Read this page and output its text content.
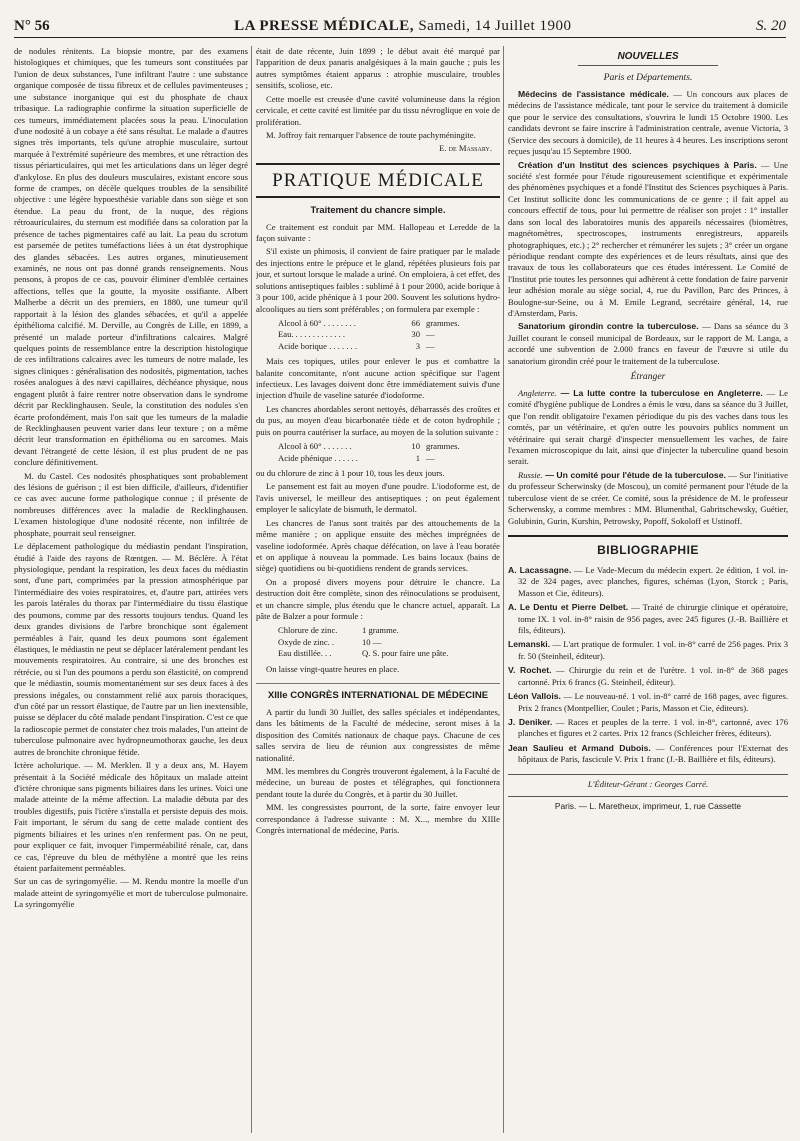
N° 56	LA PRESSE MÉDICALE, Samedi, 14 Juillet 1900	S. 20

de nodules rénitents. La biopsie montre, par des examens histologiques et chimiques, que les tumeurs sont constituées par l'union de deux substances, l'une infiltrant l'autre : une substance organique composée de tissu fibreux et de cellules pavimenteuses ; une substance inorganique qui est du phosphate de chaux tribasique. La radiographie confirme la situation superficielle de ces tumeurs, immédiatement placées sous la peau. L'inoculation d'une nodosité à un cobaye a été sans résultat. Le malade a d'autres signes très importants, tels qu'une atrophie musculaire, surtout marquée à l'extrémité supérieure des membres, et une rétraction des tissus périarticulaires, qui met les articulations dans un léger degré d'ankylose. En plus des douleurs musculaires, existant encore sous forme de crampes, on décèle quelques troubles de la sensibilité objective : une légère hypoesthésie variable dans son siège et son étendue. La peau du front, de la nuque, des régions rétroauriculaires, du sternum est modifiée dans sa coloration par la présence de taches pigmentaires café au lait. La peau du scrotum est parsemée de petites tuméfactions liées à un état dystrophique des glandes sébacées. Les autres organes, minutieusement examinés, ne nous ont pas donné grands renseignements. Nous pensons, à propos de ce cas, pouvoir éliminer d'emblée certaines affections, telles que la goutte, la myosite ossifiante. Albert Malherbe a décrit un des premiers, en 1880, une tumeur qu'il rapportait à la lésion des glandes sébacées, et qu'il a appelée épithélioma calcifié. M. Derville, au Congrès de Lille, en 1899, a présenté un malade porteur d'infiltrations calcaires. Malgré quelques points de ressemblance entre la description histologique de ces infiltrations calcaires avec les tumeurs de notre malade, les signes cliniques : généralisation des nodosités, pigmentation, taches rosées analogues à des nævi capillaires, déchéance physique, nous engagent plutôt à faire rentrer notre observation dans le syndrome décrit par Recklinghausen. Seule, la constitution des nodules s'en écarte profondément, mais l'on sait que les tumeurs de la maladie de Recklinghausen peuvent varier dans leur texture ; on a même décrit leur transformation en épithélioma ou en sarcomes. Mais devant l'étrangeté de cette lésion, il est plus prudent de ne pas conclure définitivement.

M. du Castel. Ces nodosités phosphatiques sont probablement des lésions de guérison ; il est bien difficile, d'ailleurs, d'identifier ce cas avec aucune forme pathologique connue ; il présente de nombreuses différences avec la maladie de Recklinghausen. L'examen histologique d'une nodosité récente, non infiltrée de phosphate, pourrait seul renseigner.

Le déplacement pathologique du médiastin pendant l'inspiration, étudié à l'aide des rayons de Rœntgen. — M. Béclère. À l'état physiologique, pendant la respiration, les deux faces du médiastin sont, d'une part, comprimées par la pression atmosphérique par l'intermédiaire des voies respiratoires, et, d'autre part, attirées vers les parois latérales du thorax par l'intermédiaire du tissu élastique des poumons, comme par des ressorts toujours tendus. Quand les deux grandes divisions de l'arbre bronchique sont également perméables à l'air, quand les deux poumons sont également élastiques, le médiastin ne peut se déplacer latéralement pendant les mouvements respiratoires. Au contraire, si une des bronches est rétrécie, ou si l'un des poumons a perdu son élasticité, on comprend que le médiastin, soumis momentanément sur ses deux faces à des pressions inégales, ou constamment relié aux parois thoraciques, d'un côté par un ressort élastique, de l'autre par un lien inextensible, puisse se déplacer du côté malade pendant l'inspiration. C'est ce que la radioscopie permet de constater chez trois malades, l'un atteint de tuberculose pulmonaire avec hydropneumothorax gauche, les deux autres de bronchite chronique fétide.

Ictère acholurique. — M. Merklen. Il y a deux ans, M. Hayem présentait à la Société médicale des hôpitaux un malade atteint d'ictère chronique sans pigments biliaires dans les urines. Voici une malade atteinte de la même affection. La maladie débuta par des troubles digestifs, puis l'ictère s'installa et persiste depuis des mois. Fait important, le sérum du sang de cette malade contient des pigments biliaires et les urines n'en renferment pas. On ne peut, pour expliquer ce fait, invoquer l'imperméabilité rénale, car, dans ce cas, l'épreuve du bleu de méthylène a montré que les reins étaient parfaitement perméables.

Sur un cas de syringomyélie. — M. Rendu montre la moelle d'un malade atteint de syringomyélie et mort de tuberculose pulmonaire. La syringomyélie

était de date récente, Juin 1899 ; le début avait été marqué par l'apparition de deux panaris analgésiques à la main gauche ; puis les autres symptômes étaient apparus : atrophie musculaire, troubles sensitifs, scoliose, etc.

Cette moelle est creusée d'une cavité volumineuse dans la région cervicale, et cette cavité est limitée par du tissu névroglique en voie de prolifération.

M. Joffroy fait remarquer l'absence de toute pachyméningite.

E. de Massary.
PRATIQUE MÉDICALE
Traitement du chancre simple.

Ce traitement est conduit par MM. Hallopeau et Leredde de la façon suivante :

S'il existe un phimosis, il convient de faire pratiquer par le malade des injections entre le prépuce et le gland, répétées plusieurs fois par jour, et surtout lorsque le malade a uriné. On emploiera, à cet effet, des solutions antiseptiques faibles : sublimé à 1 pour 2000, acide borique à 3 pour 100, acide phénique à 1 pour 200. Souvent les solutions hydro-alcooliques au tiers sont préférables ; on formulera par exemple :

Alcool à 60° . . . . . . . .	66 grammes.
Eau. . . . . . . . . . . . .	30 —
Acide borique . . . . . . .	3 —

Mais ces topiques, utiles pour enlever le pus et combattre la balanite concomitante, n'ont aucune action spécifique sur l'agent infectieux. Les lavages doivent donc être immédiatement suivis d'une injection d'huile de vaseline saturée d'iodoforme.

Les chancres abordables seront nettoyés, débarrassés des croûtes et du pus, au moyen d'eau bicarbonatée tiède et de coton hydrophile ; puis on pourra cautériser la surface, au moyen de la solution suivante :

Alcool à 60° . . . . . . .	10 grammes.
Acide phénique . . . . . .	1 —

ou du chlorure de zinc à 1 pour 10, tous les deux jours.

Le pansement est fait au moyen d'une poudre. L'iodoforme est, de l'avis universel, le meilleur des antiseptiques ; on peut également employer le salicylate de bismuth, le dermatol.

Les chancres de l'anus sont traités par des attouchements de la même manière ; on applique ensuite des mèches imprégnées de vaseline iodoformée. Après chaque défécation, on lave à l'eau boratée et on applique à nouveau la pommade. Les bains locaux (bains de siège) quotidiens ou bi-quotidiens rendent de grands services.

On a proposé divers moyens pour détruire le chancre. La destruction doit être complète, sinon des réinoculations se produisent, et un chancre simple, plus étendu que le chancre actuel, apparaît. La pâte de Balzer a pour formule :

Chlorure de zinc.	1 gramme.
Oxyde de zinc. .	10 —
Eau distillée. . .	Q. S. pour faire une pâte.

On laisse vingt-quatre heures en place.

XIIIe CONGRÈS INTERNATIONAL DE MÉDECINE

A partir du lundi 30 Juillet, des salles spéciales et indépendantes, dans les bâtiments de la Faculté de médecine, seront mises à la disposition des Comités nationaux de chaque pays. Chacune de ces salles servira de lieu de réunion aux congressistes de même nationalité.

MM. les membres du Congrès trouveront également, à la Faculté de médecine, un bureau de postes et télégraphes, qui fonctionnera pendant toute la durée du Congrès, et à partir du 30 Juillet.

MM. les congressistes pourront, de la sorte, faire envoyer leur correspondance à l'adresse suivante : M. X..., membre du XIIIe Congrès international de médecine, Paris.

NOUVELLES
Paris et Départements.

Médecins de l'assistance médicale. — Un concours aux places de médecins de l'assistance médicale, tant pour le service du traitement à domicile que pour le service des consultations, s'ouvrira le lundi 15 Octobre 1900. Les candidats devront se faire inscrire à l'administration centrale, avenue Victoria, 3 (Service des secours à domicile), de 11 heures à 4 heures. Les inscriptions seront reçues jusqu'au 15 Septembre 1900.

Création d'un Institut des sciences psychiques à Paris. — Une société s'est formée pour l'étude rigoureusement scientifique et expérimentale des phénomènes psychiques et a fondé l'Institut des Sciences psychiques à Paris. Cet Institut sollicite donc les communications de ce genre ; il fait appel au concours effectif de tous, pour lui permettre de réaliser son projet : 1° installer dans son local des laboratoires munis des appareils nécessaires (biomètres, magnétomètres, spectroscopes, instruments enregistreurs, appareils photographiques, etc.) ; 2° rechercher et rémunérer les sujets ; 3° créer un organe périodique rendant compte des expériences et de leurs résultats, ainsi que des travaux de tous les collaborateurs que ces études intéressent. Le Comité de l'Institut prie toutes les personnes qui adhèrent à cette fondation de faire parvenir leur adhésion morale au siège social, 4, rue du Pavillon, Parc des Princes, à Boulogne-sur-Seine, ou à M. Emile Legrand, secrétaire général, 14, rue d'Amsterdam, Paris.

Sanatorium girondin contre la tuberculose. — Dans sa séance du 3 Juillet courant le conseil municipal de Bordeaux, sur le rapport de M. Langa, a accordé une subvention de 2.000 francs en faveur de l'œuvre si utile du sanatorium girondin créé pour le traitement de la tuberculose.

Étranger

Angleterre. — La lutte contre la tuberculose en Angleterre. — Le comité d'hygiène publique de Londres a émis le vœu, dans sa séance du 3 Juillet, que l'on rendit obligatoire l'examen périodique du pis des vaches dans tous les comtés, par un vétérinaire, et qu'en outre les pouvoirs publics nomment un vétérinaire qui serait chargé d'inspecter mensuellement les vaches, de faire l'examen microscopique du lait, ainsi que d'injecter la tuberculine quand besoin serait.

Russie. — Un comité pour l'étude de la tuberculose. — Sur l'initiative du professeur Scherwinsky (de Moscou), un comité permanent pour l'étude de la tuberculose vient de se créer. Ce comité, sous la présidence de M. le professeur Scherwensky, a comme membres : MM. Blumenthal, Gabritschewsky, Guétier, Golubinin, Gurin, Kurshin, Petrowsky, Popoff, Sokoloff et Ustinoff.

BIBLIOGRAPHIE

A. Lacassagne. — Le Vade-Mecum du médecin expert. 2e édition, 1 vol. in-32 de 324 pages, avec planches, figures, schémas (Lyon, Storck ; Paris, Masson et Cie, éditeurs).

A. Le Dentu et Pierre Delbet. — Traité de chirurgie clinique et opératoire, tome IX. 1 vol. in-8° raisin de 956 pages, avec 245 figures (J.-B. Baillière et fils, éditeurs).

Lemanski. — L'art pratique de formuler. 1 vol. in-8° carré de 256 pages. Prix 3 fr. 50 (Steinheil, éditeur).

V. Rochet. — Chirurgie du rein et de l'urètre. 1 vol. in-8° de 368 pages cartonné. Prix 6 francs (G. Steinheil, éditeur).

Léon Vallois. — Le nouveau-né. 1 vol. in-8° carré de 168 pages, avec figures. Prix 2 francs (Montpellier, Coulet ; Paris, Masson et Cie, éditeurs).

J. Deniker. — Races et peuples de la terre. 1 vol. in-8°, cartonné, avec 176 planches et figures et 2 cartes. Prix 12 francs (Schleicher frères, éditeurs).

Jean Saulieu et Armand Dubois. — Conférences pour l'Externat des hôpitaux de Paris, fascicule V. Prix 1 franc (J.-B. Baillière et fils, éditeurs).

L'Éditeur-Gérant : Georges Carré.
Paris. — L. Maretheux, imprimeur, 1, rue Cassette
